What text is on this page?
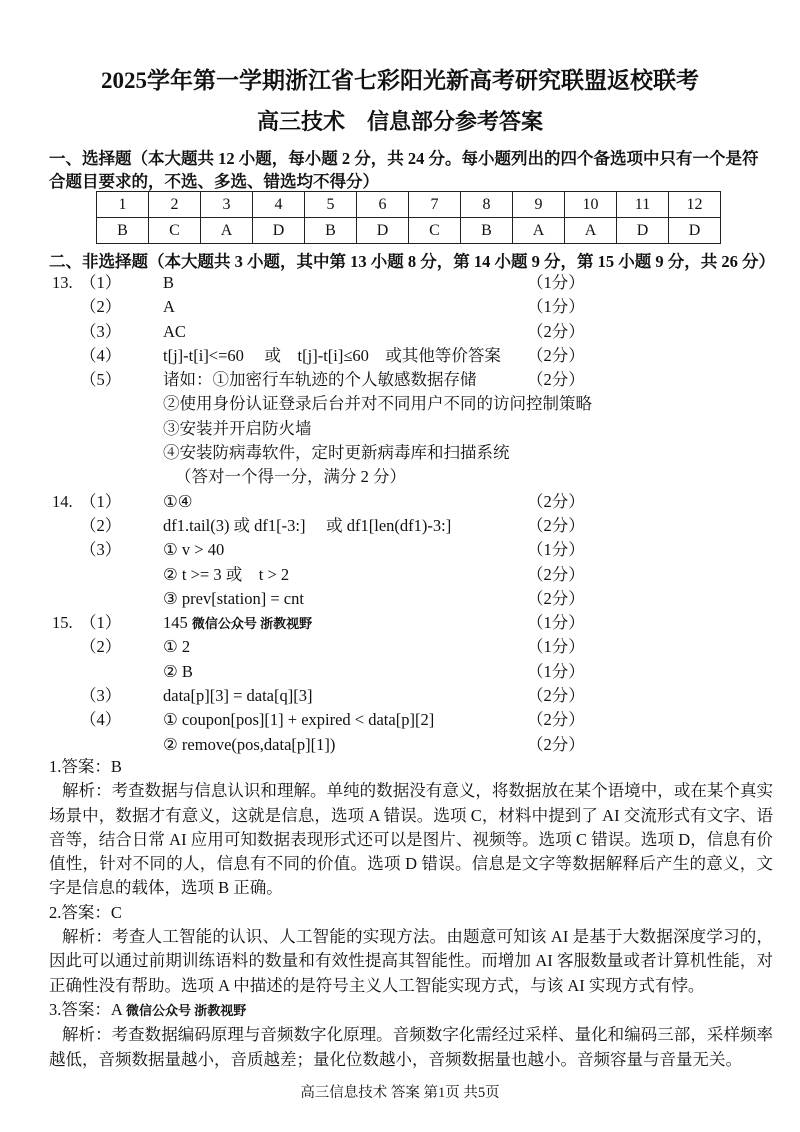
2025学年第一学期浙江省七彩阳光新高考研究联盟返校联考
高三技术　信息部分参考答案
一、选择题（本大题共 12 小题，每小题 2 分，共 24 分。每小题列出的四个备选项中只有一个是符
合题目要求的，不选、多选、错选均不得分）
1	2	3	4	5	6	7	8	9	10	11	12
B	C	A	D	B	D	C	B	A	A	D	D
二、非选择题（本大题共 3 小题，其中第 13 小题 8 分，第 14 小题 9 分，第 15 小题 9 分，共 26 分）
13. （1）	B	（1分）
（2）	A	（1分）
（3）	AC	（2分）
（4）	t[j]-t[i]<=60　 或　t[j]-t[i]≤60　或其他等价答案 （2分）
（5）	诸如：①加密行车轨迹的个人敏感数据存储	（2分）
②使用身份认证登录后台并对不同用户不同的访问控制策略
③安装并开启防火墙
④安装防病毒软件，定时更新病毒库和扫描系统
（答对一个得一分，满分 2 分）
14. （1）	①④	（2分）
（2）	df1.tail(3) 或 df1[-3:]　 或 df1[len(df1)-3:]	（2分）
（3）	① v > 40	（1分）
② t >= 3 或　t > 2	（2分）
③ prev[station] = cnt	（2分）
15. （1）	145 微信公众号 浙教视野	（1分）
（2）	① 2	（1分）
② B	（1分）
（3）	data[p][3] = data[q][3]	（2分）
（4）	① coupon[pos][1] + expired < data[p][2]	（2分）
② remove(pos,data[p][1])	（2分）
1.答案：B
解析：考查数据与信息认识和理解。单纯的数据没有意义，将数据放在某个语境中，或在某个真实场景中，数据才有意义，这就是信息，选项 A 错误。选项 C，材料中提到了 AI 交流形式有文字、语音等，结合日常 AI 应用可知数据表现形式还可以是图片、视频等。选项 C 错误。选项 D，信息有价值性，针对不同的人，信息有不同的价值。选项 D 错误。信息是文字等数据解释后产生的意义，文字是信息的载体，选项 B 正确。
2.答案：C
解析：考查人工智能的认识、人工智能的实现方法。由题意可知该 AI 是基于大数据深度学习的，因此可以通过前期训练语料的数量和有效性提高其智能性。而增加 AI 客服数量或者计算机性能，对正确性没有帮助。选项 A 中描述的是符号主义人工智能实现方式，与该 AI 实现方式有悖。
3.答案：A 微信公众号 浙教视野
解析：考查数据编码原理与音频数字化原理。音频数字化需经过采样、量化和编码三部，采样频率越低，音频数据量越小，音质越差；量化位数越小，音频数据量也越小。音频容量与音量无关。
高三信息技术 答案 第1页 共5页
